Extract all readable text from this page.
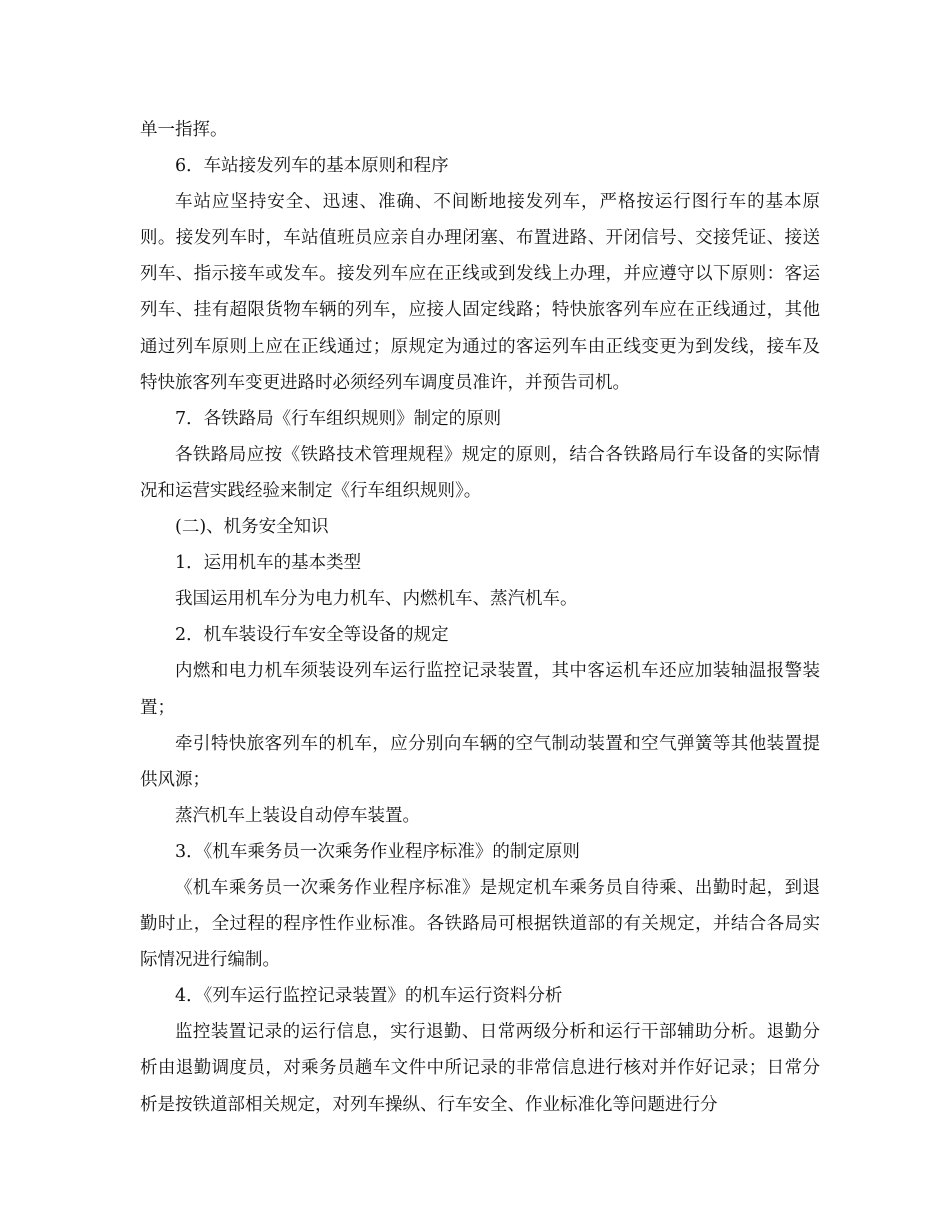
单一指挥。

6．车站接发列车的基本原则和程序

车站应坚持安全、迅速、准确、不间断地接发列车，严格按运行图行车的基本原则。接发列车时，车站值班员应亲自办理闭塞、布置进路、开闭信号、交接凭证、接送列车、指示接车或发车。接发列车应在正线或到发线上办理，并应遵守以下原则：客运列车、挂有超限货物车辆的列车，应接人固定线路；特快旅客列车应在正线通过，其他通过列车原则上应在正线通过；原规定为通过的客运列车由正线变更为到发线，接车及特快旅客列车变更进路时必须经列车调度员准许，并预告司机。

7．各铁路局《行车组织规则》制定的原则

各铁路局应按《铁路技术管理规程》规定的原则，结合各铁路局行车设备的实际情况和运营实践经验来制定《行车组织规则》。

(二)、机务安全知识

1．运用机车的基本类型

我国运用机车分为电力机车、内燃机车、蒸汽机车。

2．机车装设行车安全等设备的规定

内燃和电力机车须装设列车运行监控记录装置，其中客运机车还应加装轴温报警装置；

牵引特快旅客列车的机车，应分别向车辆的空气制动装置和空气弹簧等其他装置提供风源；

蒸汽机车上装设自动停车装置。

3．《机车乘务员一次乘务作业程序标准》的制定原则

《机车乘务员一次乘务作业程序标准》是规定机车乘务员自待乘、出勤时起，到退勤时止，全过程的程序性作业标准。各铁路局可根据铁道部的有关规定，并结合各局实际情况进行编制。

4．《列车运行监控记录装置》的机车运行资料分析

监控装置记录的运行信息，实行退勤、日常两级分析和运行干部辅助分析。退勤分析由退勤调度员，对乘务员趟车文件中所记录的非常信息进行核对并作好记录；日常分析是按铁道部相关规定，对列车操纵、行车安全、作业标准化等问题进行分
